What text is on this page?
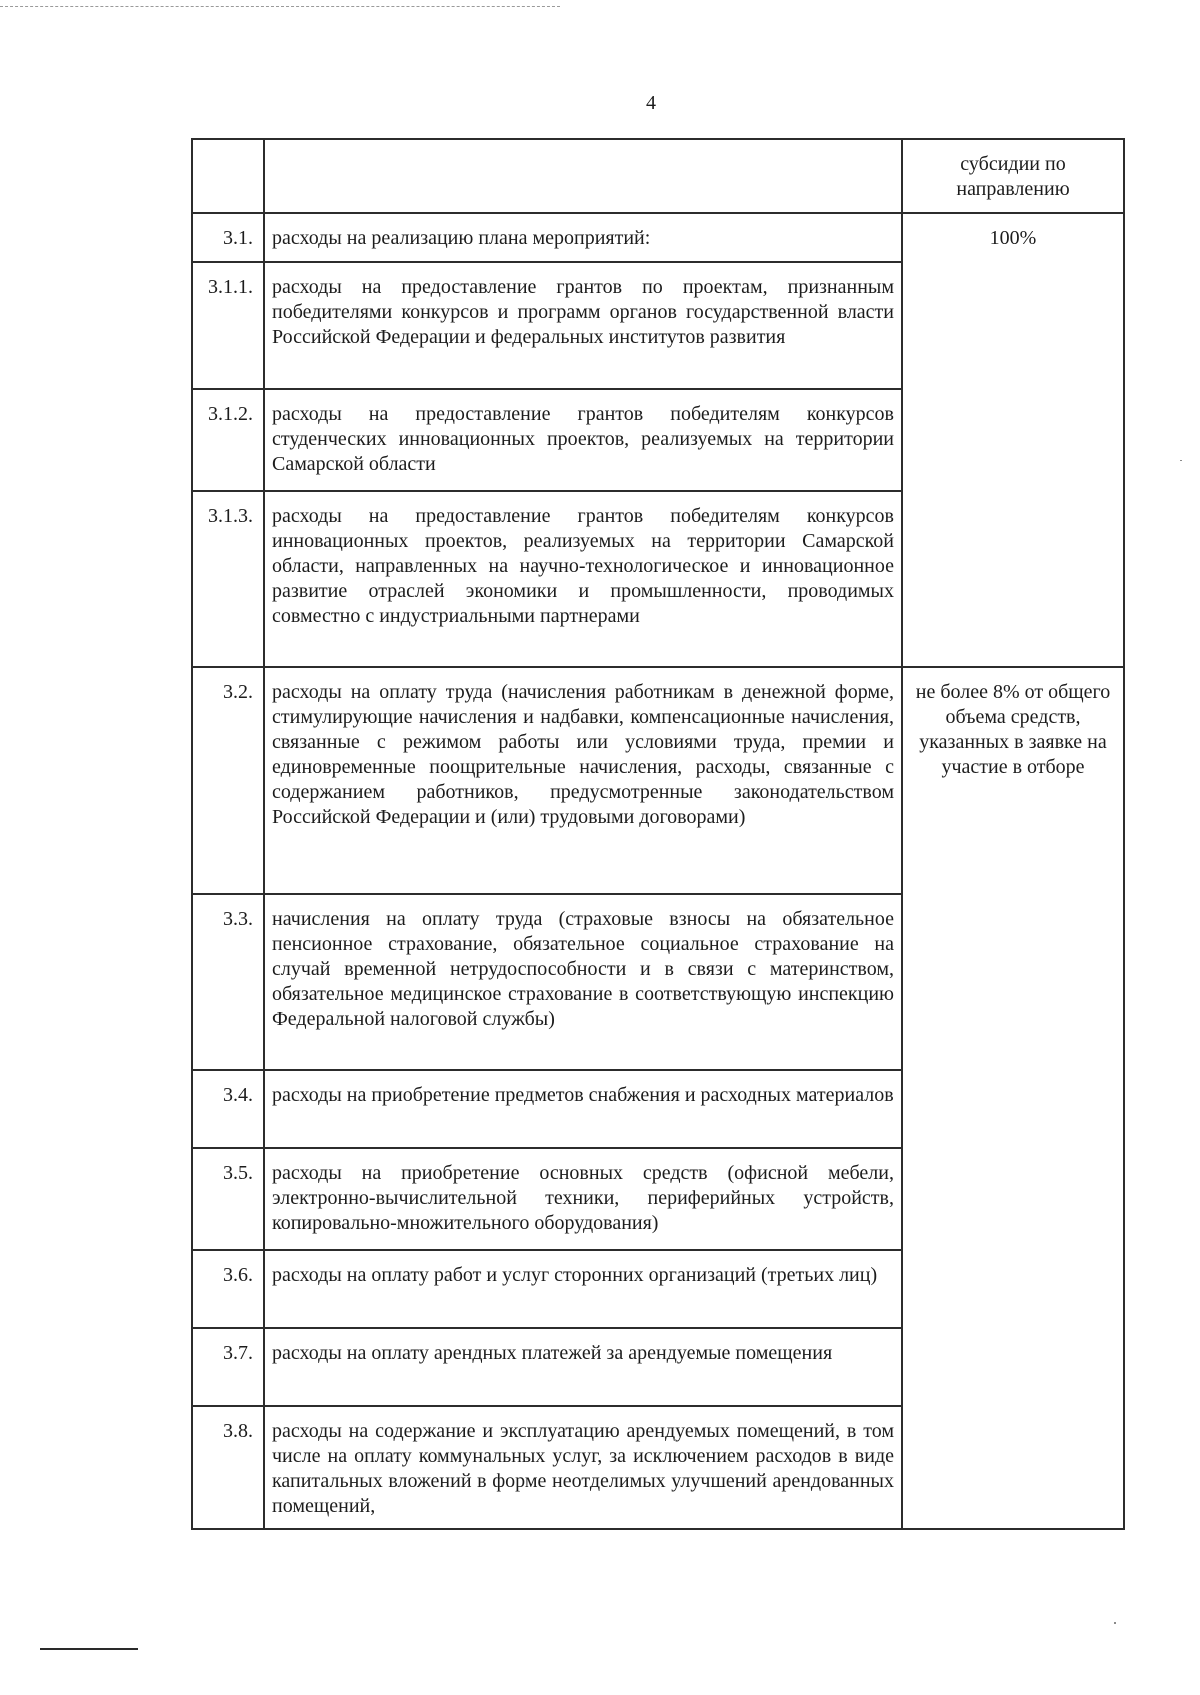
4
		субсидии по направлению
3.1.	расходы на реализацию плана мероприятий:	100%
3.1.1.	расходы на предоставление грантов по проектам, признанным победителями конкурсов и программ органов государственной власти Российской Федерации и федеральных институтов развития	
3.1.2.	расходы на предоставление грантов победителям конкурсов студенческих инновационных проектов, реализуемых на территории Самарской области	
3.1.3.	расходы на предоставление грантов победителям конкурсов инновационных проектов, реализуемых на территории Самарской области, направленных на научно-технологическое и инновационное развитие отраслей экономики и промышленности, проводимых совместно с индустриальными партнерами	
3.2.	расходы на оплату труда (начисления работникам в денежной форме, стимулирующие начисления и надбавки, компенсационные начисления, связанные с режимом работы или условиями труда, премии и единовременные поощрительные начисления, расходы, связанные с содержанием работников, предусмотренные законодательством Российской Федерации и (или) трудовыми договорами)	не более 8% от общего объема средств, указанных в заявке на участие в отборе
3.3.	начисления на оплату труда (страховые взносы на обязательное пенсионное страхование, обязательное социальное страхование на случай временной нетрудоспособности и в связи с материнством, обязательное медицинское страхование в соответствующую инспекцию Федеральной налоговой службы)	
3.4.	расходы на приобретение предметов снабжения и расходных материалов	
3.5.	расходы на приобретение основных средств (офисной мебели, электронно-вычислительной техники, периферийных устройств, копировально-множительного оборудования)	
3.6.	расходы на оплату работ и услуг сторонних организаций (третьих лиц)	
3.7.	расходы на оплату арендных платежей за арендуемые помещения	
3.8.	расходы на содержание и эксплуатацию арендуемых помещений, в том числе на оплату коммунальных услуг, за исключением расходов в виде капитальных вложений в форме неотделимых улучшений арендованных помещений,	
